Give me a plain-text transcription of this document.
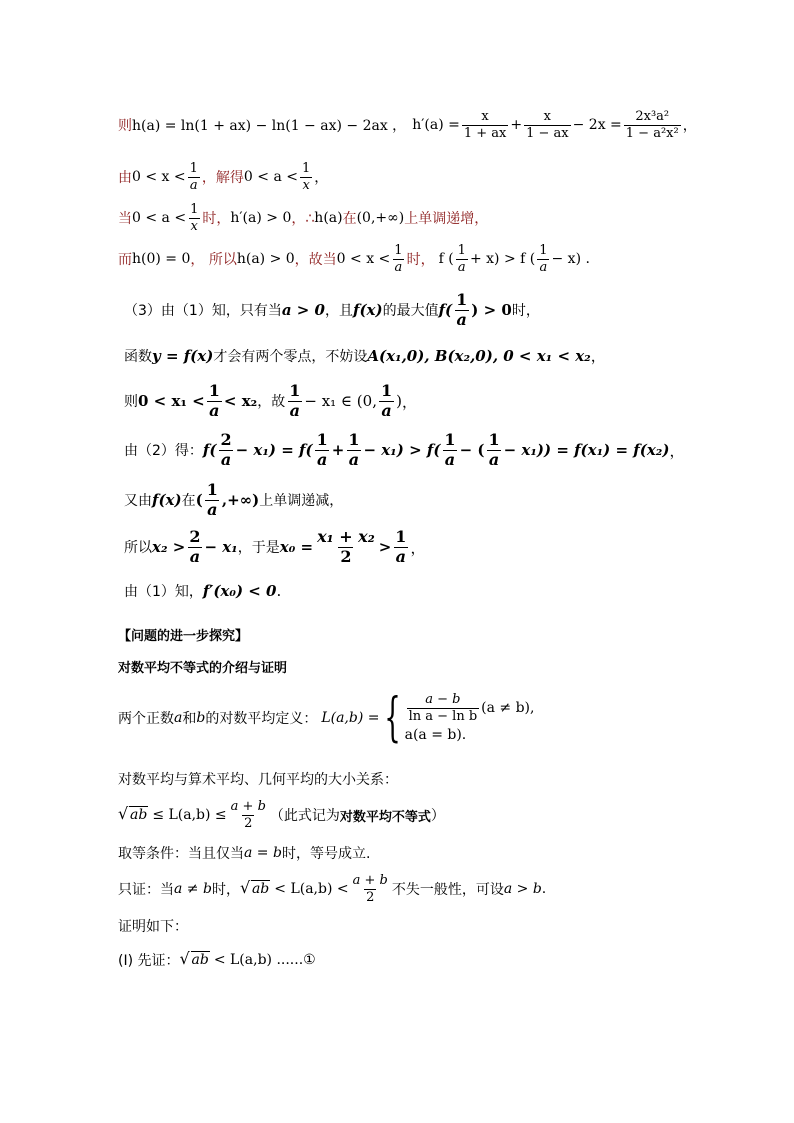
则 h(a) = ln(1 + ax) − ln(1 − ax) − 2ax ， $h'(a) = \frac{x}{1 + ax} + \frac{x}{1 - ax} - 2x = \frac{\text{2x³a²}}{\text{1 − a²x²}}$ ，
由 $0 < x < \frac{1}{a}$ ，解得 $0 < a < \frac{1}{x}$ ，
当 $0 < a < \frac{1}{x}$ 时， h′(a) > 0 ，∴ h(a) 在 (0,+∞) 上单调递增，
而 h(0) = 0 ， 所以 h(a) > 0 ，故当 $0 < x < \frac{1}{a}$ 时， f ( $\frac{1}{a} + x) > f$ ( $\frac{1}{a} - x$) .
（3）由（1）知，只有当 a > 0 ，且 f(x) 的最大值 $f( \frac{1}{a}$ ) > 0 时，
函数 y = f(x) 才会有两个零点，不妨设 A(x₁,0), B(x₂,0), 0 < x₁ < x₂ ，
则 $0 < x_1 < \frac{1}{a} < x_2$ ，故 $\frac{1}{a} - x_1$ ∈ (0, $\frac{1}{a}$ ) ，
由（2）得： $f( \frac{2}{a} - x_1) = f( \frac{1}{a} + \frac{1}{a} - x_1) > f( \frac{1}{a}$ − ( $\frac{1}{a} - x_1)) = f(x_1) = f(x_2)$ ，
又由 f(x) 在 ( $\frac{1}{a}$ ,+∞) 上单调递减，
所以 $x_2 > \frac{2}{a} - x_1$ ，于是 $x_0 = \frac{\text{x₁ + x₂}}{2} > \frac{1}{a}$ ，
由（1）知， f′(x₀) < 0 .
【问题的进一步探究】
对数平均不等式的介绍与证明
两个正数 a 和 b 的对数平均定义： L(a,b) = { $\frac{a - b}{\text{ln a − ln b}} (a \ne b)$,
a(a = b).
对数平均与算术平均、几何平均的大小关系：
√ ab ≤ $L(a,b) \le \frac{a + b}{2}$ （此式记为 对数平均不等式 ）
取等条件：当且仅当 a = b 时，等号成立.
只证：当 a ≠ b 时， √ ab < $L(a,b) < \frac{a + b}{2}$ 不失一般性，可设 a > b .
证明如下：
(I) 先证： √ ab < L(a,b) ......①
